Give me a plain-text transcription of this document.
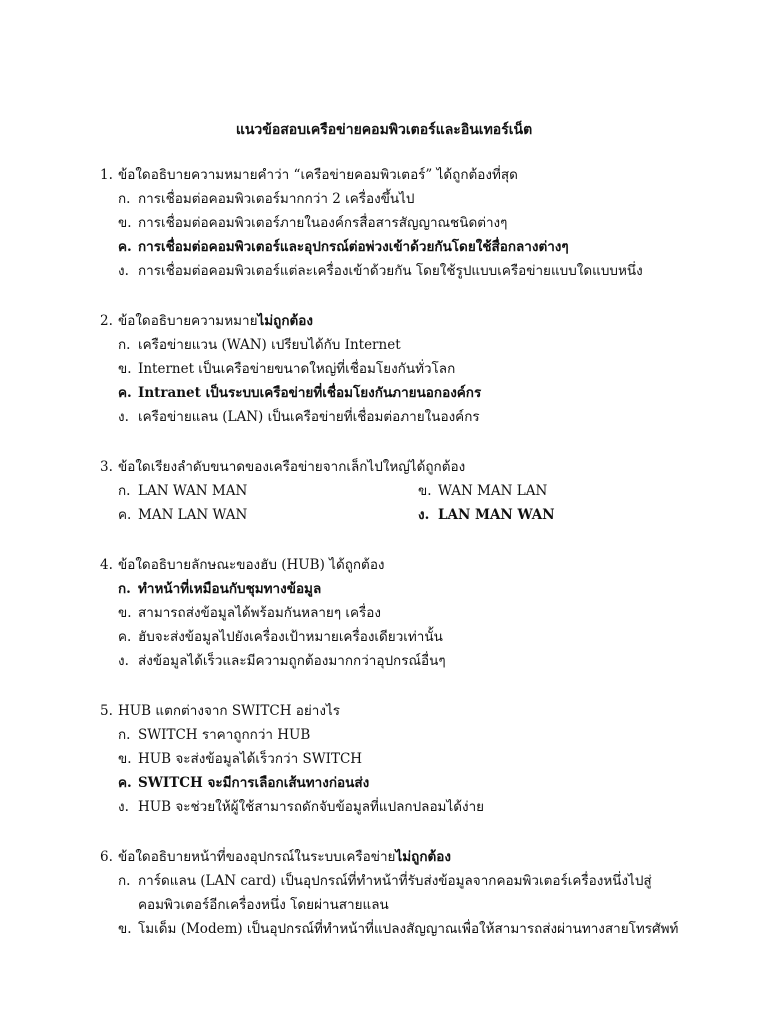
แนวข้อสอบเครือข่ายคอมพิวเตอร์และอินเทอร์เน็ต
1. ข้อใดอธิบายความหมายคำว่า “เครือข่ายคอมพิวเตอร์” ได้ถูกต้องที่สุด
ก. การเชื่อมต่อคอมพิวเตอร์มากกว่า 2 เครื่องขึ้นไป
ข. การเชื่อมต่อคอมพิวเตอร์ภายในองค์กรสื่อสารสัญญาณชนิดต่างๆ
ค. การเชื่อมต่อคอมพิวเตอร์และอุปกรณ์ต่อพ่วงเข้าด้วยกันโดยใช้สื่อกลางต่างๆ
ง. การเชื่อมต่อคอมพิวเตอร์แต่ละเครื่องเข้าด้วยกัน โดยใช้รูปแบบเครือข่ายแบบใดแบบหนึ่ง
2. ข้อใดอธิบายความหมายไม่ถูกต้อง
ก. เครือข่ายแวน (WAN) เปรียบได้กับ Internet
ข. Internet เป็นเครือข่ายขนาดใหญ่ที่เชื่อมโยงกันทั่วโลก
ค. Intranet เป็นระบบเครือข่ายที่เชื่อมโยงกันภายนอกองค์กร
ง. เครือข่ายแลน (LAN) เป็นเครือข่ายที่เชื่อมต่อภายในองค์กร
3. ข้อใดเรียงลำดับขนาดของเครือข่ายจากเล็กไปใหญ่ได้ถูกต้อง
ก. LAN WAN MAN	ข. WAN MAN LAN
ค. MAN LAN WAN	ง. LAN MAN WAN
4. ข้อใดอธิบายลักษณะของฮับ (HUB) ได้ถูกต้อง
ก. ทำหน้าที่เหมือนกับชุมทางข้อมูล
ข. สามารถส่งข้อมูลได้พร้อมกันหลายๆ เครื่อง
ค. ฮับจะส่งข้อมูลไปยังเครื่องเป้าหมายเครื่องเดียวเท่านั้น
ง. ส่งข้อมูลได้เร็วและมีความถูกต้องมากกว่าอุปกรณ์อื่นๆ
5. HUB แตกต่างจาก SWITCH อย่างไร
ก. SWITCH ราคาถูกกว่า HUB
ข. HUB จะส่งข้อมูลได้เร็วกว่า SWITCH
ค. SWITCH จะมีการเลือกเส้นทางก่อนส่ง
ง. HUB จะช่วยให้ผู้ใช้สามารถดักจับข้อมูลที่แปลกปลอมได้ง่าย
6. ข้อใดอธิบายหน้าที่ของอุปกรณ์ในระบบเครือข่ายไม่ถูกต้อง
ก. การ์ดแลน (LAN card) เป็นอุปกรณ์ที่ทำหน้าที่รับส่งข้อมูลจากคอมพิวเตอร์เครื่องหนึ่งไปสู่
คอมพิวเตอร์อีกเครื่องหนึ่ง โดยผ่านสายแลน
ข. โมเด็ม (Modem) เป็นอุปกรณ์ที่ทำหน้าที่แปลงสัญญาณเพื่อให้สามารถส่งผ่านทางสายโทรศัพท์
